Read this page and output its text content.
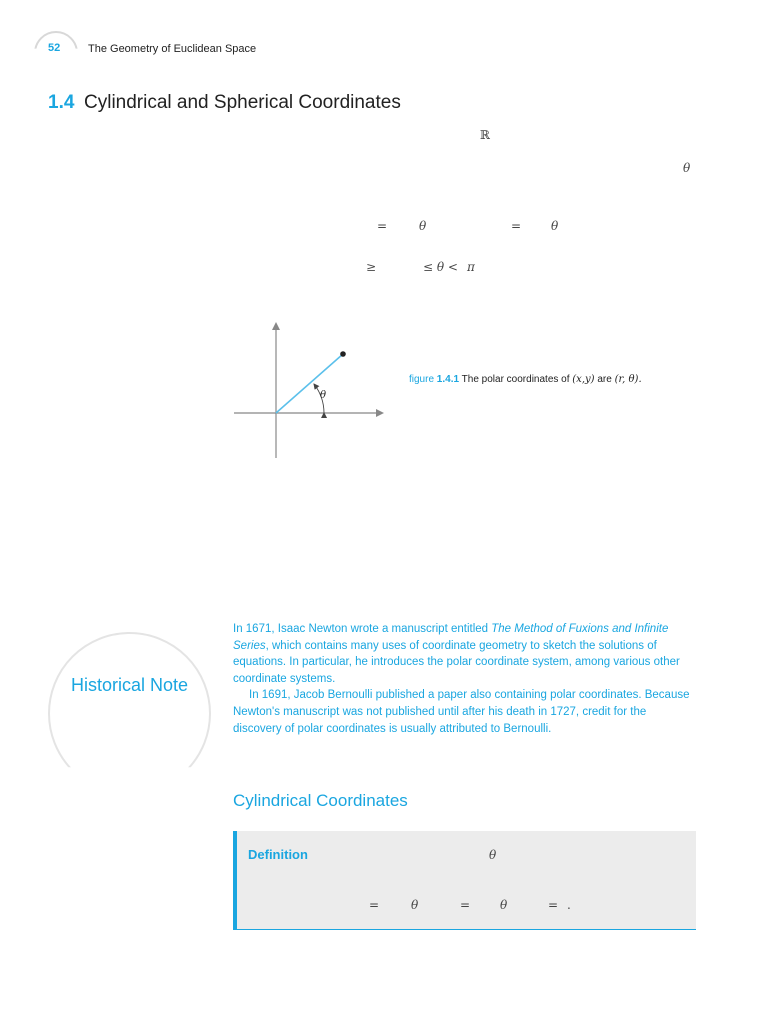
52	The Geometry of Euclidean Space
1.4 Cylindrical and Spherical Coordinates
ℝ
θ
=	θ	= θ
≥	≤ θ < π
θ
figure 1.4.1 The polar coordinates of (x,y) are (r, θ).
Historical Note

In 1671, Isaac Newton wrote a manuscript entitled The Method of Fuxions and Infinite Series, which contains many uses of coordinate geometry to sketch the solutions of equations. In particular, he introduces the polar coordinate system, among various other coordinate systems.

In 1691, Jacob Bernoulli published a paper also containing polar coordinates. Because Newton's manuscript was not published until after his death in 1727, credit for the discovery of polar coordinates is usually attributed to Bernoulli.

Cylindrical Coordinates
Definition	θ
=	θ	= θ	= .
